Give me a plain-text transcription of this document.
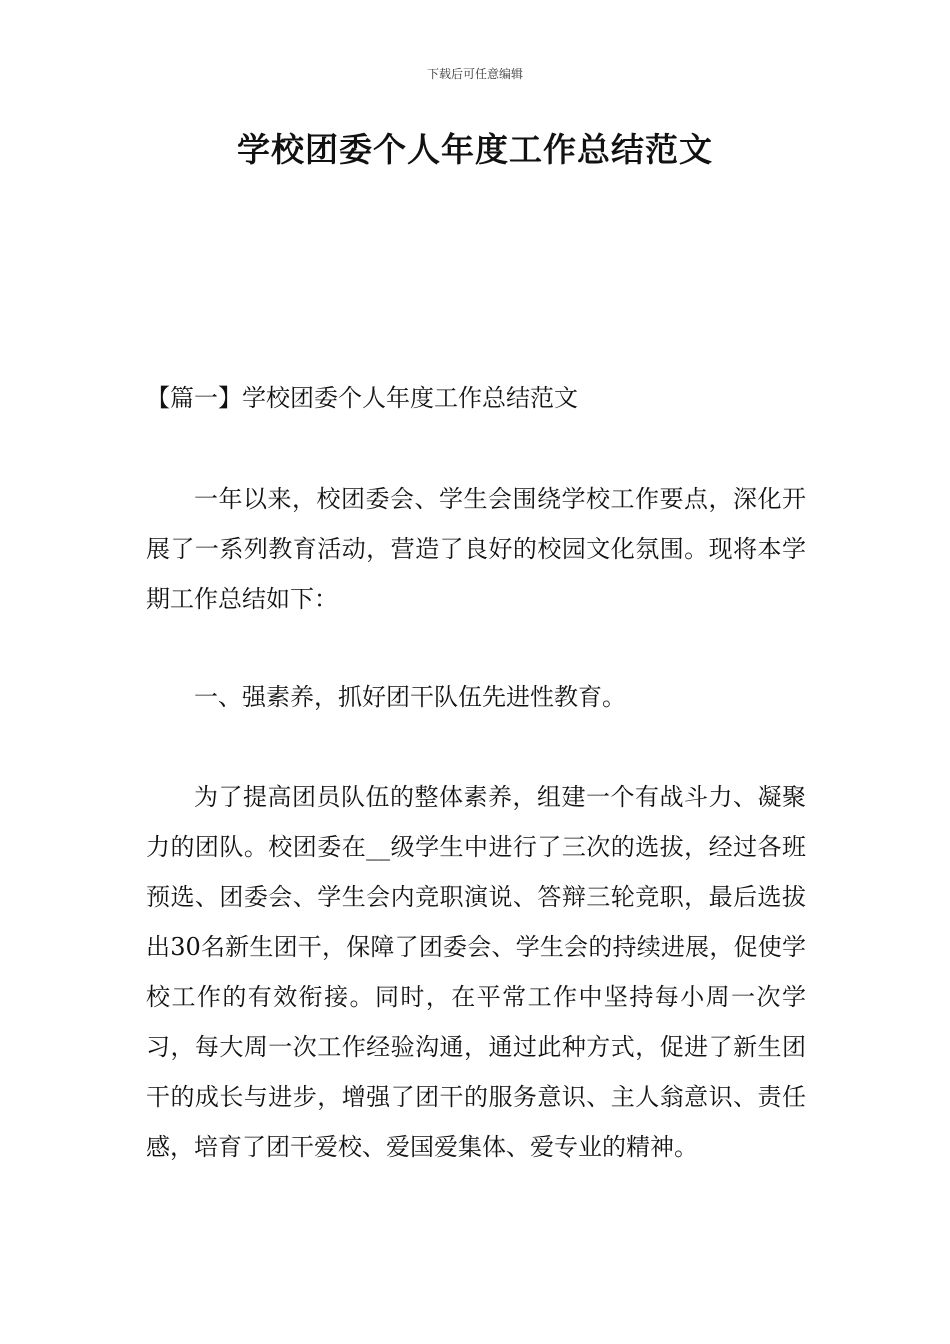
下载后可任意编辑
学校团委个人年度工作总结范文

【篇一】学校团委个人年度工作总结范文

一年以来，校团委会、学生会围绕学校工作要点，深化开展了一系列教育活动，营造了良好的校园文化氛围。现将本学期工作总结如下：

一、强素养，抓好团干队伍先进性教育。

为了提高团员队伍的整体素养，组建一个有战斗力、凝聚力的团队。校团委在__级学生中进行了三次的选拔，经过各班预选、团委会、学生会内竞职演说、答辩三轮竞职，最后选拔出30名新生团干，保障了团委会、学生会的持续进展，促使学校工作的有效衔接。同时，在平常工作中坚持每小周一次学习，每大周一次工作经验沟通，通过此种方式，促进了新生团干的成长与进步，增强了团干的服务意识、主人翁意识、责任感，培育了团干爱校、爱国爱集体、爱专业的精神。
